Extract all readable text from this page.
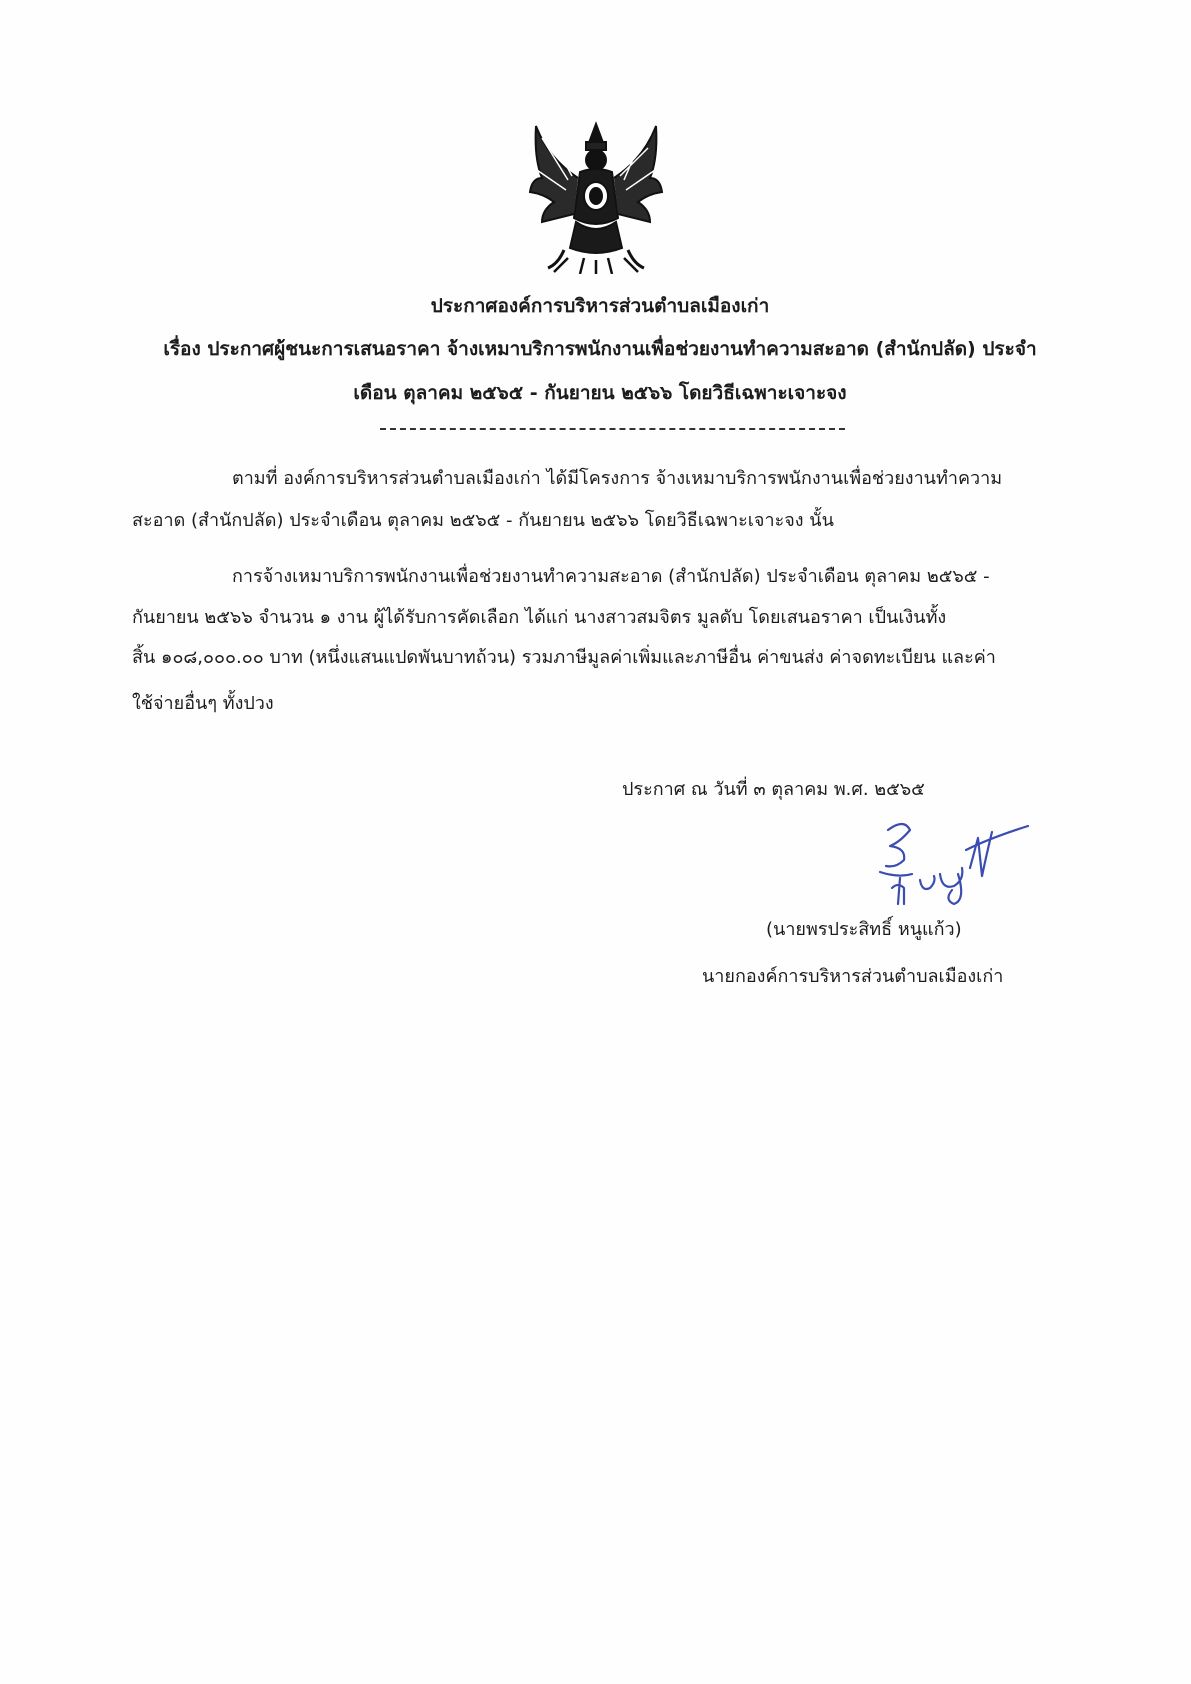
ประกาศองค์การบริหารส่วนตำบลเมืองเก่า
เรื่อง ประกาศผู้ชนะการเสนอราคา จ้างเหมาบริการพนักงานเพื่อช่วยงานทำความสะอาด (สำนักปลัด) ประจำ
เดือน ตุลาคม ๒๕๖๕ - กันยายน ๒๕๖๖ โดยวิธีเฉพาะเจาะจง
ตามที่ องค์การบริหารส่วนตำบลเมืองเก่า ได้มีโครงการ จ้างเหมาบริการพนักงานเพื่อช่วยงานทำความ
สะอาด (สำนักปลัด) ประจำเดือน ตุลาคม ๒๕๖๕ - กันยายน ๒๕๖๖ โดยวิธีเฉพาะเจาะจง นั้น
การจ้างเหมาบริการพนักงานเพื่อช่วยงานทำความสะอาด (สำนักปลัด) ประจำเดือน ตุลาคม ๒๕๖๕ -
กันยายน ๒๕๖๖ จำนวน ๑ งาน ผู้ได้รับการคัดเลือก ได้แก่ นางสาวสมจิตร มูลดับ โดยเสนอราคา เป็นเงินทั้ง
สิ้น ๑๐๘,๐๐๐.๐๐ บาท (หนึ่งแสนแปดพันบาทถ้วน) รวมภาษีมูลค่าเพิ่มและภาษีอื่น ค่าขนส่ง ค่าจดทะเบียน และค่า
ใช้จ่ายอื่นๆ ทั้งปวง
ประกาศ ณ วันที่ ๓ ตุลาคม พ.ศ. ๒๕๖๕
(นายพรประสิทธิ์ หนูแก้ว)
นายกองค์การบริหารส่วนตำบลเมืองเก่า
